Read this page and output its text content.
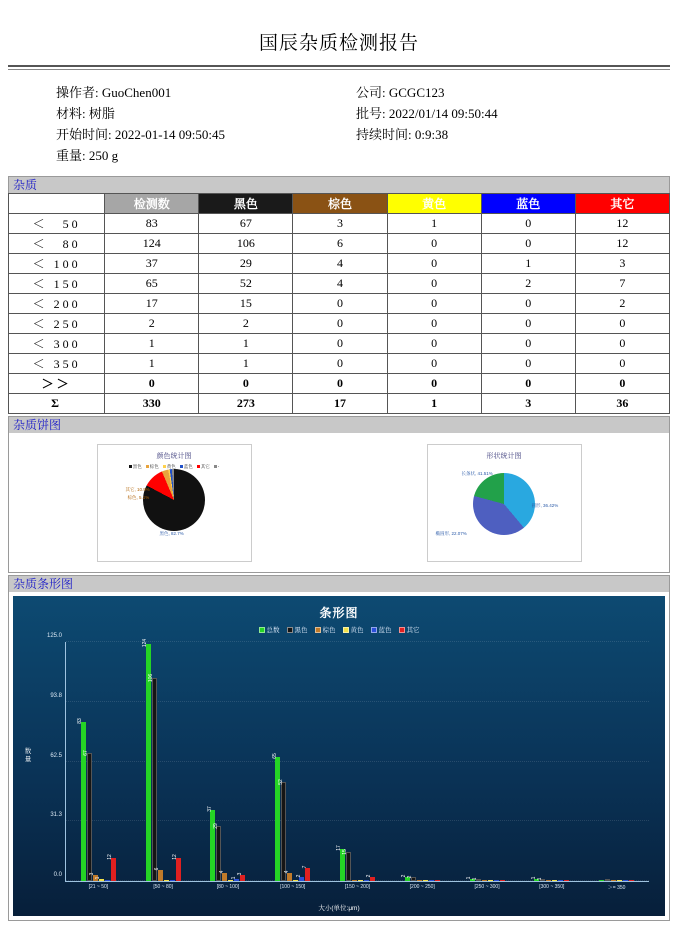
国辰杂质检测报告
操作者: GuoChen001
材料: 树脂
开始时间: 2022-01-14 09:50:45
重量: 250 g
公司: GCGC123
批号: 2022/01/14 09:50:44
持续时间: 0:9:38
杂质
	检测数	黑色	棕色	黄色	蓝色	其它
＜　50	83	67	3	1	0	12
＜　80	124	106	6	0	0	12
＜ 100	37	29	4	0	1	3
＜ 150	65	52	4	0	2	7
＜ 200	17	15	0	0	0	2
＜ 250	2	2	0	0	0	0
＜ 300	1	1	0	0	0	0
＜ 350	1	1	0	0	0	0
＞＞	0	0	0	0	0	0
Σ	330	273	17	1	3	36
杂质饼图
颜色统计图
黑色	棕色	黄色	蓝色	其它	-
黑色, 82.7%
其它, 10.9%
棕色, 5.1%
形状统计图
长条状, 41.51%
圆形, 36.42%
椭圆形, 22.07%
杂质条形图
条形图
总数	黑色	棕色	黄色	蓝色	其它
数量
0.0
31.3
62.5
93.8
125.0
83
67
3
1
12
[21 ~ 50]
124
106
6
12
[50 ~ 80]
37
29
4
1
3
[80 ~ 100]
65
52
4
2
7
[100 ~ 150]
17
15
2
[150 ~ 200]
2 2
[200 ~ 250]
1 1
[250 ~ 300]
1 1
[300 ~ 350]	＞= 350
大小(单位:μm)
